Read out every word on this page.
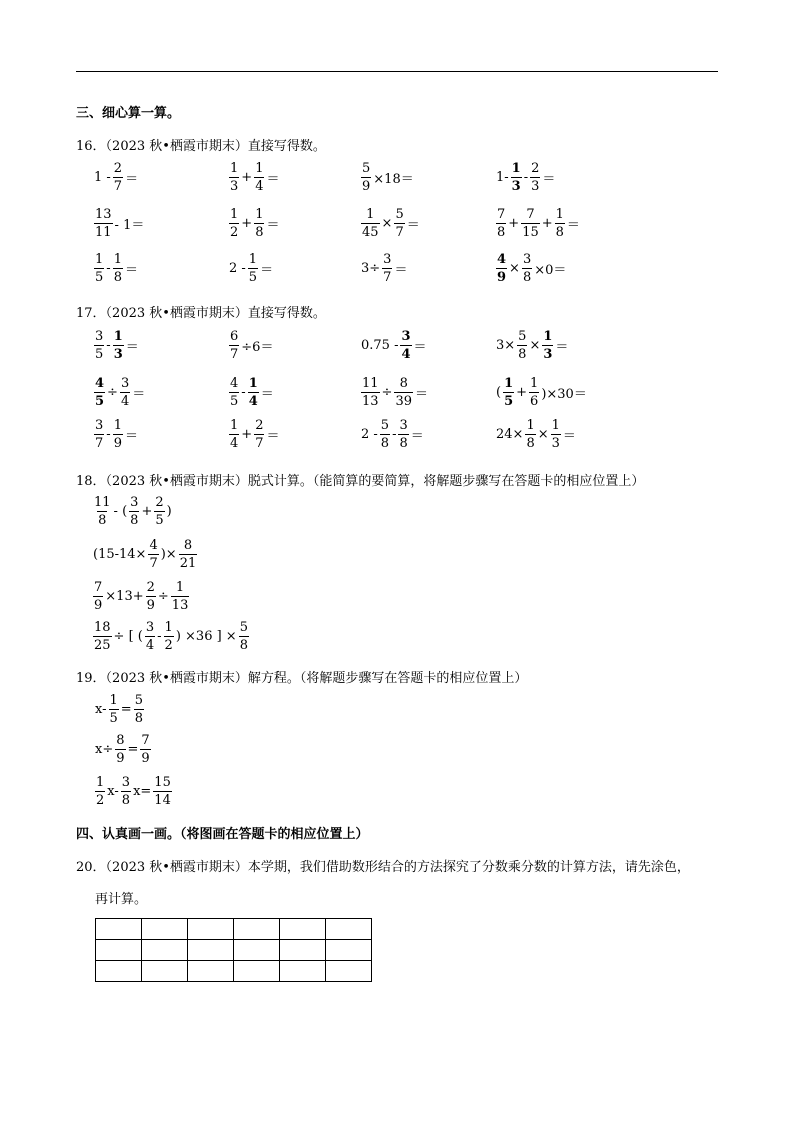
三、细心算一算。
16．（2023 秋•栖霞市期末）直接写得数。
17．（2023 秋•栖霞市期末）直接写得数。
18．（2023 秋•栖霞市期末）脱式计算。（能简算的要简算，将解题步骤写在答题卡的相应位置上）
19．（2023 秋•栖霞市期末）解方程。（将解题步骤写在答题卡的相应位置上）
四、认真画一画。（将图画在答题卡的相应位置上）
20．（2023 秋•栖霞市期末）本学期，我们借助数形结合的方法探究了分数乘分数的计算方法，请先涂色，
再计算。

$1 - \frac{2}{7}$ ＝	$\frac{1}{3} + \frac{1}{4}$ ＝	$\frac{5}{9} \times 18=$	$1- \frac{1}{3} - \frac{2}{3}$ ＝
$\frac{13}{11} - 1=$	$\frac{1}{2} + \frac{1}{8}$ ＝	$\frac{1}{45} \times \frac{5}{7}$ ＝	$\frac{7}{8} + \frac{7}{15} + \frac{1}{8}$ ＝
$\frac{1}{5} - \frac{1}{8}$ ＝	$2 - \frac{1}{5}$ ＝	$3\div \frac{3}{7}$ ＝	$\frac{4}{9} \times \frac{3}{8} \times 0=$
$\frac{3}{5} - \frac{1}{3}$ ＝	$\frac{6}{7} \div 6=$	$0.75 - \frac{3}{4}$ ＝	$3\times \frac{5}{8} \times \frac{1}{3}$ ＝
$\frac{4}{5} \div \frac{3}{4}$ ＝	$\frac{4}{5} - \frac{1}{4}$ ＝	$\frac{11}{13} \div \frac{8}{39}$ ＝	( $\frac{1}{5} + \frac{1}{6} )\times 30=$
$\frac{3}{7} - \frac{1}{9}$ ＝	$\frac{1}{4} + \frac{2}{7}$ ＝	$2 - \frac{5}{8} - \frac{3}{8}$ ＝	$24\times \frac{1}{8} \times \frac{1}{3}$ ＝
$\frac{11}{8}$ - ( $\frac{3}{8} + \frac{2}{5}$ )
($15-14\times \frac{4}{7}$ )× $\frac{8}{21}$
$\frac{7}{9} \times 13+ \frac{2}{9} \div \frac{1}{13}$
$\frac{18}{25}$ ÷ [ ( $\frac{3}{4} - \frac{1}{2}$ ) ×36 ] × $\frac{5}{8}$
$x- \frac{1}{5} = \frac{5}{8}$
$x\div \frac{8}{9} = \frac{7}{9}$
$\frac{1}{2} x- \frac{3}{8} x= \frac{15}{14}$
